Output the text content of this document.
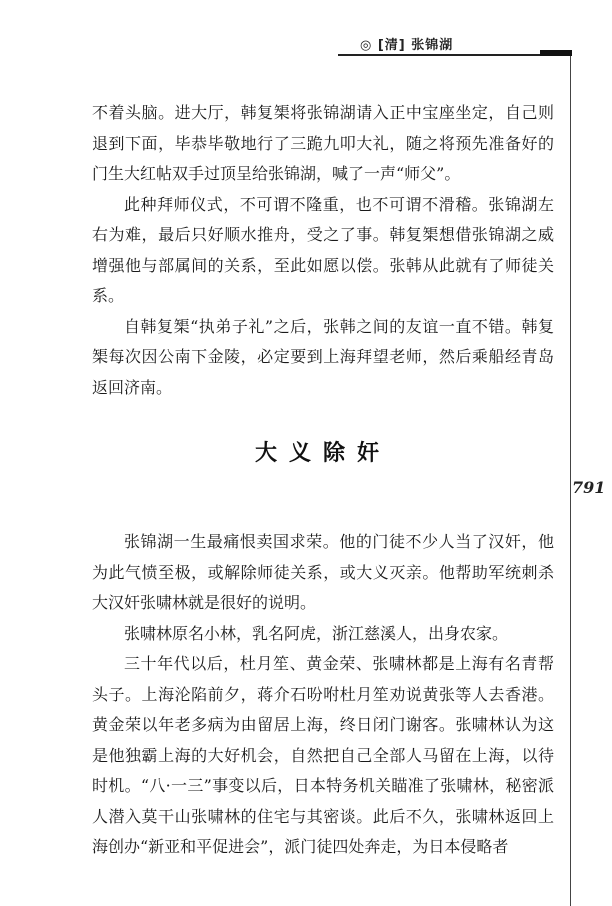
◎ [清] 张锦湖
791

不着头脑。进大厅，韩复榘将张锦湖请入正中宝座坐定，自己则退到下面，毕恭毕敬地行了三跪九叩大礼，随之将预先准备好的门生大红帖双手过顶呈给张锦湖，喊了一声“师父”。

此种拜师仪式，不可谓不隆重，也不可谓不滑稽。张锦湖左右为难，最后只好顺水推舟，受之了事。韩复榘想借张锦湖之威增强他与部属间的关系，至此如愿以偿。张韩从此就有了师徒关系。

自韩复榘“执弟子礼”之后，张韩之间的友谊一直不错。韩复榘每次因公南下金陵，必定要到上海拜望老师，然后乘船经青岛返回济南。

大义除奸

张锦湖一生最痛恨卖国求荣。他的门徒不少人当了汉奸，他为此气愤至极，或解除师徒关系，或大义灭亲。他帮助军统刺杀大汉奸张啸林就是很好的说明。

张啸林原名小林，乳名阿虎，浙江慈溪人，出身农家。

三十年代以后，杜月笙、黄金荣、张啸林都是上海有名青帮头子。上海沦陷前夕，蒋介石吩咐杜月笙劝说黄张等人去香港。黄金荣以年老多病为由留居上海，终日闭门谢客。张啸林认为这是他独霸上海的大好机会，自然把自己全部人马留在上海，以待时机。“八·一三”事变以后，日本特务机关瞄准了张啸林，秘密派人潜入莫干山张啸林的住宅与其密谈。此后不久，张啸林返回上海创办“新亚和平促进会”，派门徒四处奔走，为日本侵略者
